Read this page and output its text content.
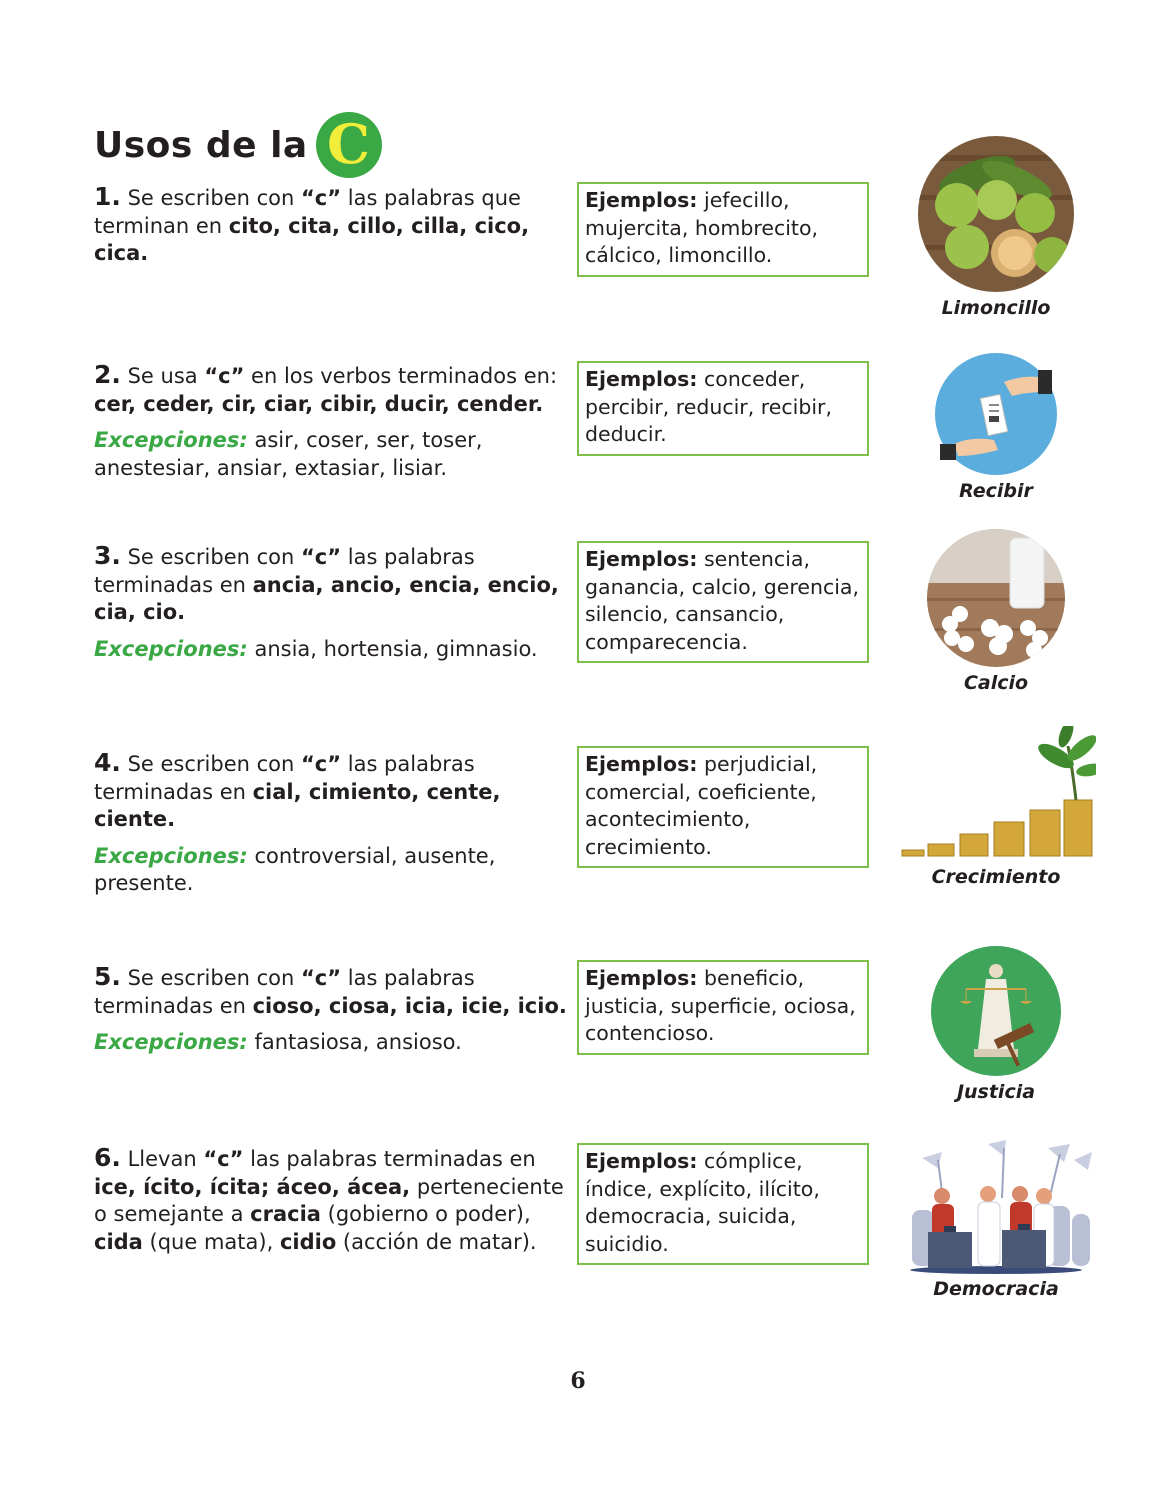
Usos de la C

1. Se escriben con “c” las palabras que terminan en cito, cita, cillo, cilla, cico, cica.

Ejemplos: jefecillo, mujercita, hombrecito, cálcico, limoncillo.
Limoncillo

2. Se usa “c” en los verbos terminados en: cer, ceder, cir, ciar, cibir, ducir, cender.

Excepciones: asir, coser, ser, toser, anestesiar, ansiar, extasiar, lisiar.

Ejemplos: conceder, percibir, reducir, recibir, deducir.
Recibir

3. Se escriben con “c” las palabras terminadas en ancia, ancio, encia, encio, cia, cio.

Excepciones: ansia, hortensia, gimnasio.

Ejemplos: sentencia, ganancia, calcio, gerencia, silencio, cansancio, comparecencia.
Calcio

4. Se escriben con “c” las palabras terminadas en cial, cimiento, cente, ciente.

Excepciones: controversial, ausente, presente.

Ejemplos: perjudicial, comercial, coeficiente, acontecimiento, crecimiento.
Crecimiento

5. Se escriben con “c” las palabras terminadas en cioso, ciosa, icia, icie, icio.

Excepciones: fantasiosa, ansioso.

Ejemplos: beneficio, justicia, superficie, ociosa, contencioso.
Justicia

6. Llevan “c” las palabras terminadas en ice, ícito, ícita; áceo, ácea, perteneciente o semejante a cracia (gobierno o poder), cida (que mata), cidio (acción de matar).

Ejemplos: cómplice, índice, explícito, ilícito, democracia, suicida, suicidio.
Democracia
6
